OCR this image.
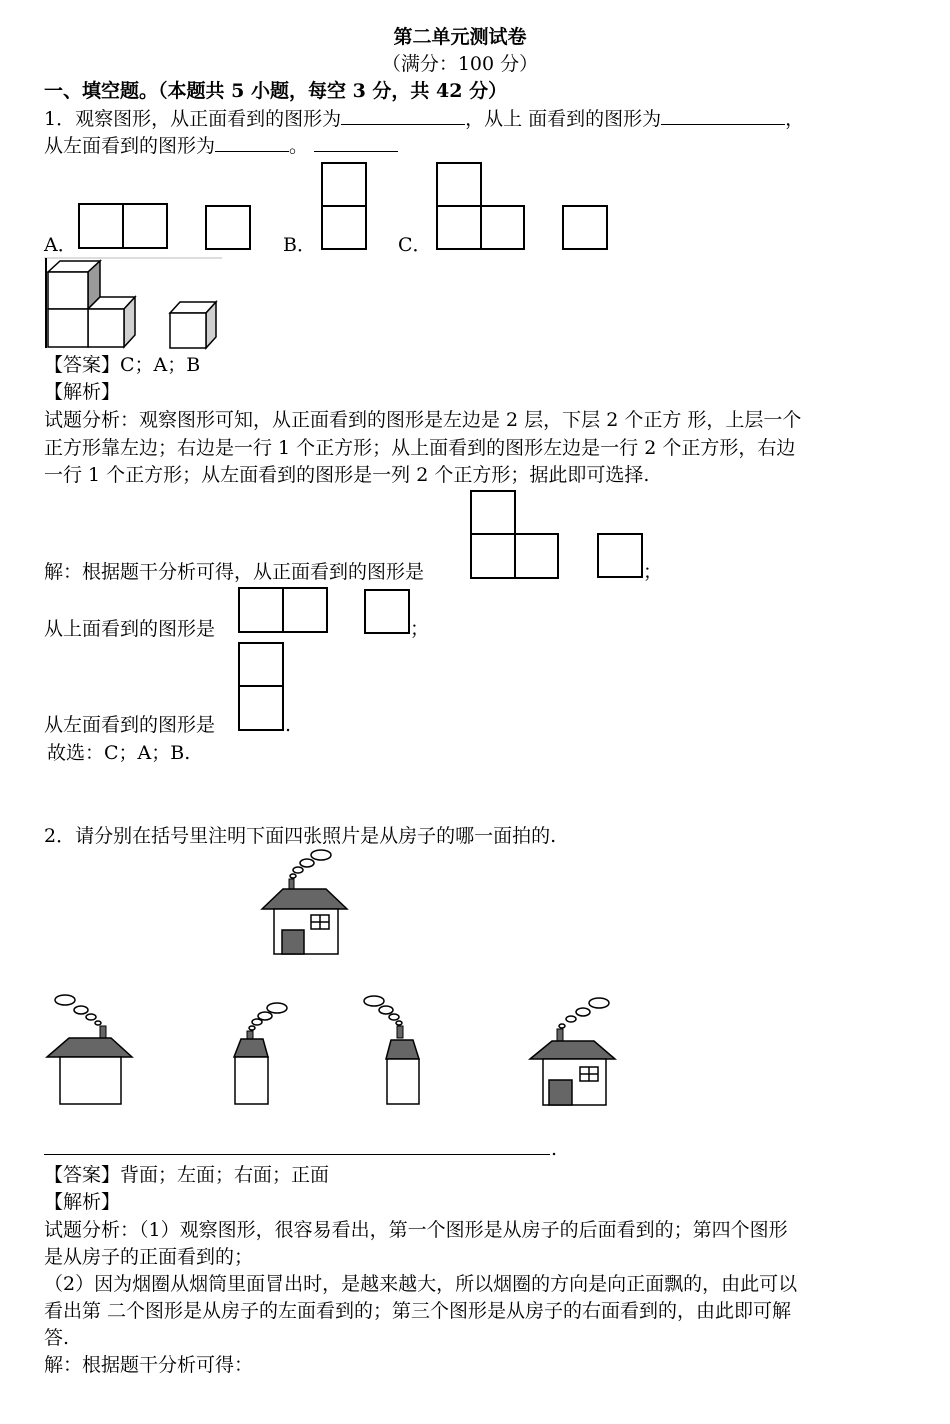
第二单元测试卷
（满分：100 分）
一、填空题。（本题共 5 小题，每空 3 分，共 42 分）
1．观察图形，从正面看到的图形为	，从上 面看到的图形为	，
从左面看到的图形为	。
A．	B．	C．
【答案】C；A；B
【解析】
试题分析：观察图形可知，从正面看到的图形是左边是 2 层，下层 2 个正方 形，上层一个
正方形靠左边；右边是一行 1 个正方形；从上面看到的图形左边是一行 2 个正方形，右边
一行 1 个正方形；从左面看到的图形是一列 2 个正方形；据此即可选择.
解：根据题干分析可得，从正面看到的图形是	；
从上面看到的图形是	；
从左面看到的图形是	.
故选：C；A；B.
2．请分别在括号里注明下面四张照片是从房子的哪一面拍的.
.
【答案】背面；左面；右面；正面
【解析】
试题分析：（1）观察图形，很容易看出，第一个图形是从房子的后面看到的；第四个图形
是从房子的正面看到的；
（2）因为烟圈从烟筒里面冒出时，是越来越大，所以烟圈的方向是向正面飘的，由此可以
看出第 二个图形是从房子的左面看到的；第三个图形是从房子的右面看到的，由此即可解
答.
解：根据题干分析可得：
